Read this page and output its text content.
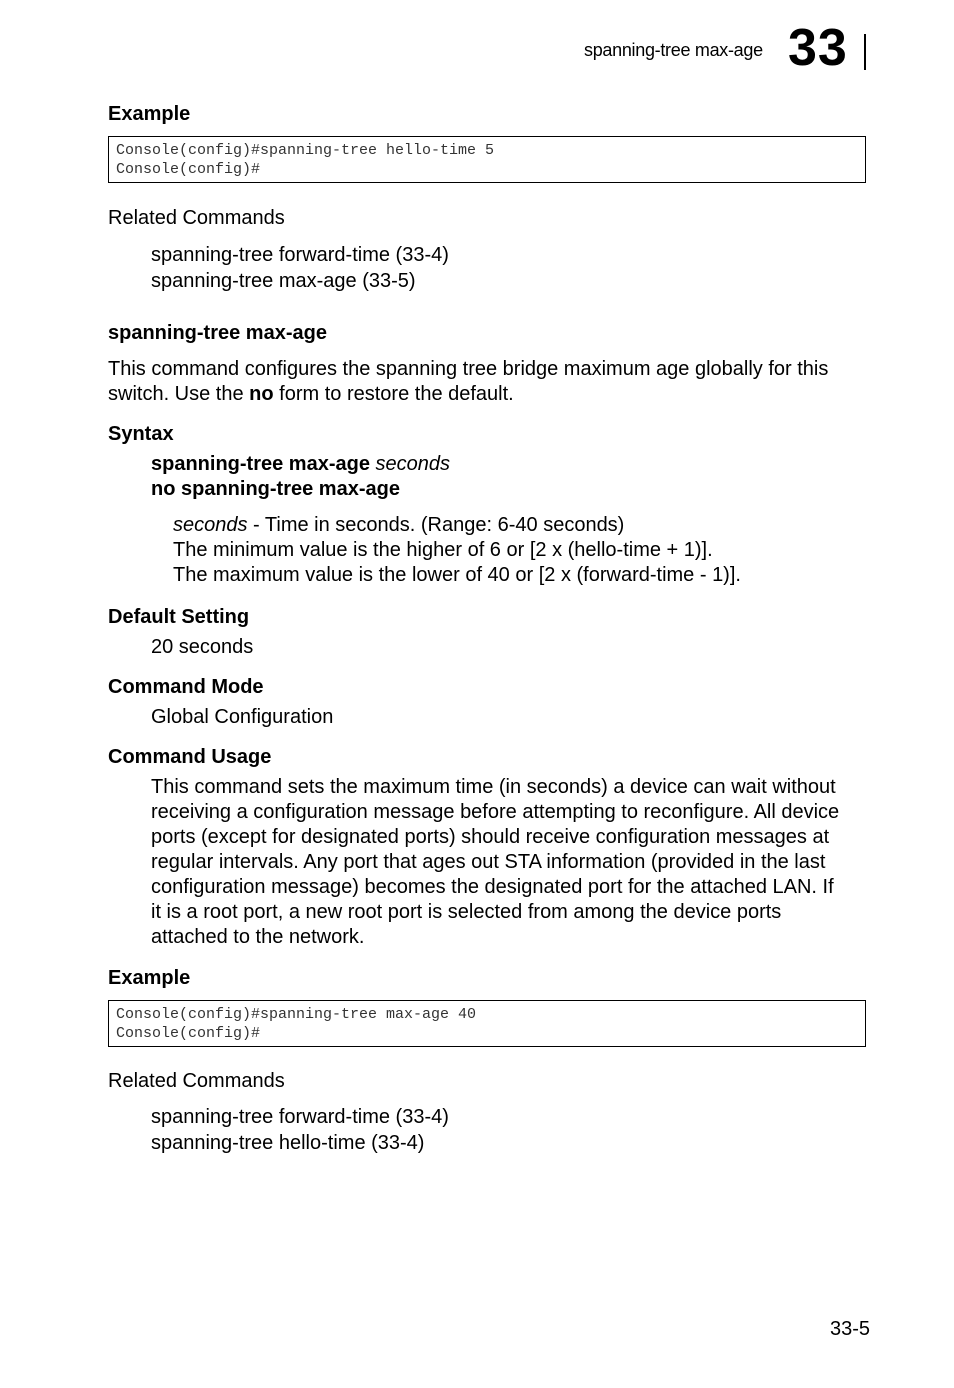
spanning-tree max-age 33
Example
Console(config)#spanning-tree hello-time 5
Console(config)#
Related Commands
spanning-tree forward-time (33-4)
spanning-tree max-age (33-5)
spanning-tree max-age
This command configures the spanning tree bridge maximum age globally for this
switch. Use the no form to restore the default.
Syntax
spanning-tree max-age seconds
no spanning-tree max-age
seconds - Time in seconds. (Range: 6-40 seconds)
The minimum value is the higher of 6 or [2 x (hello-time + 1)].
The maximum value is the lower of 40 or [2 x (forward-time - 1)].
Default Setting
20 seconds
Command Mode
Global Configuration
Command Usage
This command sets the maximum time (in seconds) a device can wait without
receiving a configuration message before attempting to reconfigure. All device
ports (except for designated ports) should receive configuration messages at
regular intervals. Any port that ages out STA information (provided in the last
configuration message) becomes the designated port for the attached LAN. If
it is a root port, a new root port is selected from among the device ports
attached to the network.
Example
Console(config)#spanning-tree max-age 40
Console(config)#
Related Commands
spanning-tree forward-time (33-4)
spanning-tree hello-time (33-4)
33-5
